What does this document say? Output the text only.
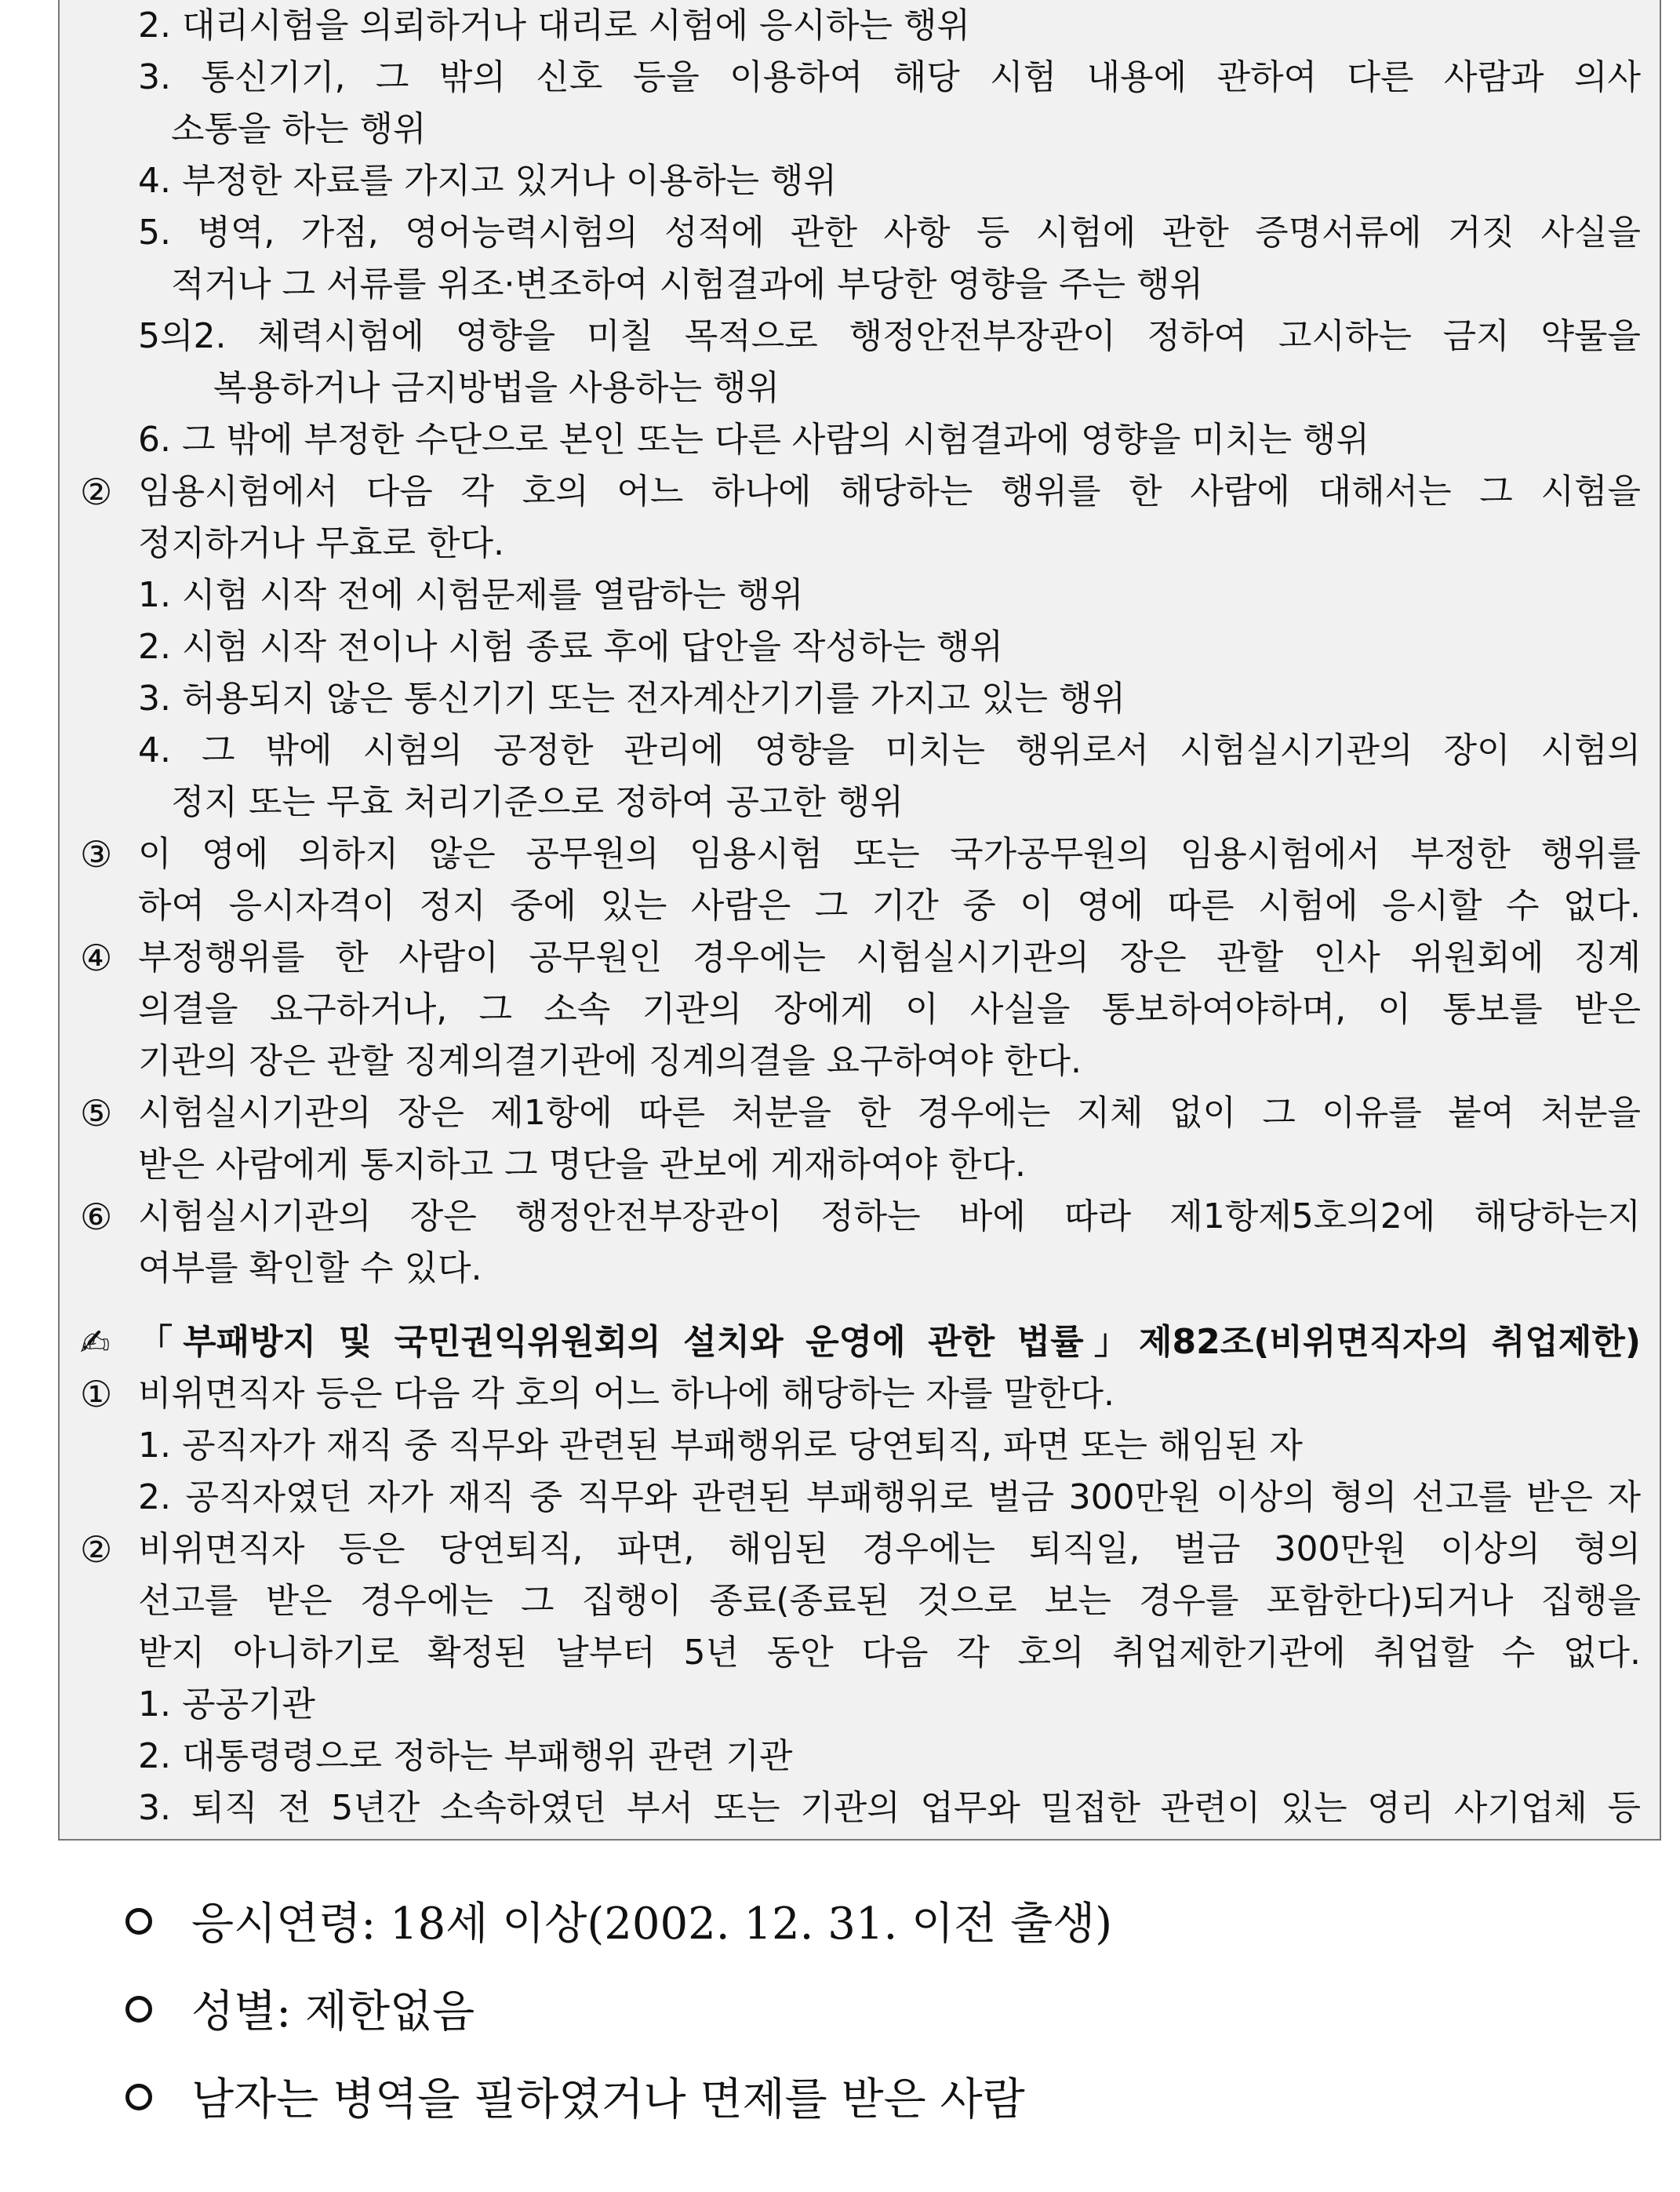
2. 대리시험을 의뢰하거나 대리로 시험에 응시하는 행위
3. 통신기기, 그 밖의 신호 등을 이용하여 해당 시험 내용에 관하여 다른 사람과 의사
소통을 하는 행위
4. 부정한 자료를 가지고 있거나 이용하는 행위
5. 병역, 가점, 영어능력시험의 성적에 관한 사항 등 시험에 관한 증명서류에 거짓 사실을
적거나 그 서류를 위조·변조하여 시험결과에 부당한 영향을 주는 행위
5의2. 체력시험에 영향을 미칠 목적으로 행정안전부장관이 정하여 고시하는 금지 약물을
복용하거나 금지방법을 사용하는 행위
6. 그 밖에 부정한 수단으로 본인 또는 다른 사람의 시험결과에 영향을 미치는 행위
② 임용시험에서 다음 각 호의 어느 하나에 해당하는 행위를 한 사람에 대해서는 그 시험을
정지하거나 무효로 한다.
1. 시험 시작 전에 시험문제를 열람하는 행위
2. 시험 시작 전이나 시험 종료 후에 답안을 작성하는 행위
3. 허용되지 않은 통신기기 또는 전자계산기기를 가지고 있는 행위
4. 그 밖에 시험의 공정한 관리에 영향을 미치는 행위로서 시험실시기관의 장이 시험의
정지 또는 무효 처리기준으로 정하여 공고한 행위
③ 이 영에 의하지 않은 공무원의 임용시험 또는 국가공무원의 임용시험에서 부정한 행위를
하여 응시자격이 정지 중에 있는 사람은 그 기간 중 이 영에 따른 시험에 응시할 수 없다.
④ 부정행위를 한 사람이 공무원인 경우에는 시험실시기관의 장은 관할 인사 위원회에 징계
의결을 요구하거나, 그 소속 기관의 장에게 이 사실을 통보하여야하며, 이 통보를 받은
기관의 장은 관할 징계의결기관에 징계의결을 요구하여야 한다.
⑤ 시험실시기관의 장은 제1항에 따른 처분을 한 경우에는 지체 없이 그 이유를 붙여 처분을
받은 사람에게 통지하고 그 명단을 관보에 게재하여야 한다.
⑥ 시험실시기관의 장은 행정안전부장관이 정하는 바에 따라 제1항제5호의2에 해당하는지
여부를 확인할 수 있다.
✍ 「부패방지 및 국민권익위원회의 설치와 운영에 관한 법률」제82조(비위면직자의 취업제한)
① 비위면직자 등은 다음 각 호의 어느 하나에 해당하는 자를 말한다.
1. 공직자가 재직 중 직무와 관련된 부패행위로 당연퇴직, 파면 또는 해임된 자
2. 공직자였던 자가 재직 중 직무와 관련된 부패행위로 벌금 300만원 이상의 형의 선고를 받은 자
② 비위면직자 등은 당연퇴직, 파면, 해임된 경우에는 퇴직일, 벌금 300만원 이상의 형의
선고를 받은 경우에는 그 집행이 종료(종료된 것으로 보는 경우를 포함한다)되거나 집행을
받지 아니하기로 확정된 날부터 5년 동안 다음 각 호의 취업제한기관에 취업할 수 없다.
1. 공공기관
2. 대통령령으로 정하는 부패행위 관련 기관
3. 퇴직 전 5년간 소속하였던 부서 또는 기관의 업무와 밀접한 관련이 있는 영리 사기업체 등
응시연령: 18세 이상(2002. 12. 31. 이전 출생)
성별: 제한없음
남자는 병역을 필하였거나 면제를 받은 사람
